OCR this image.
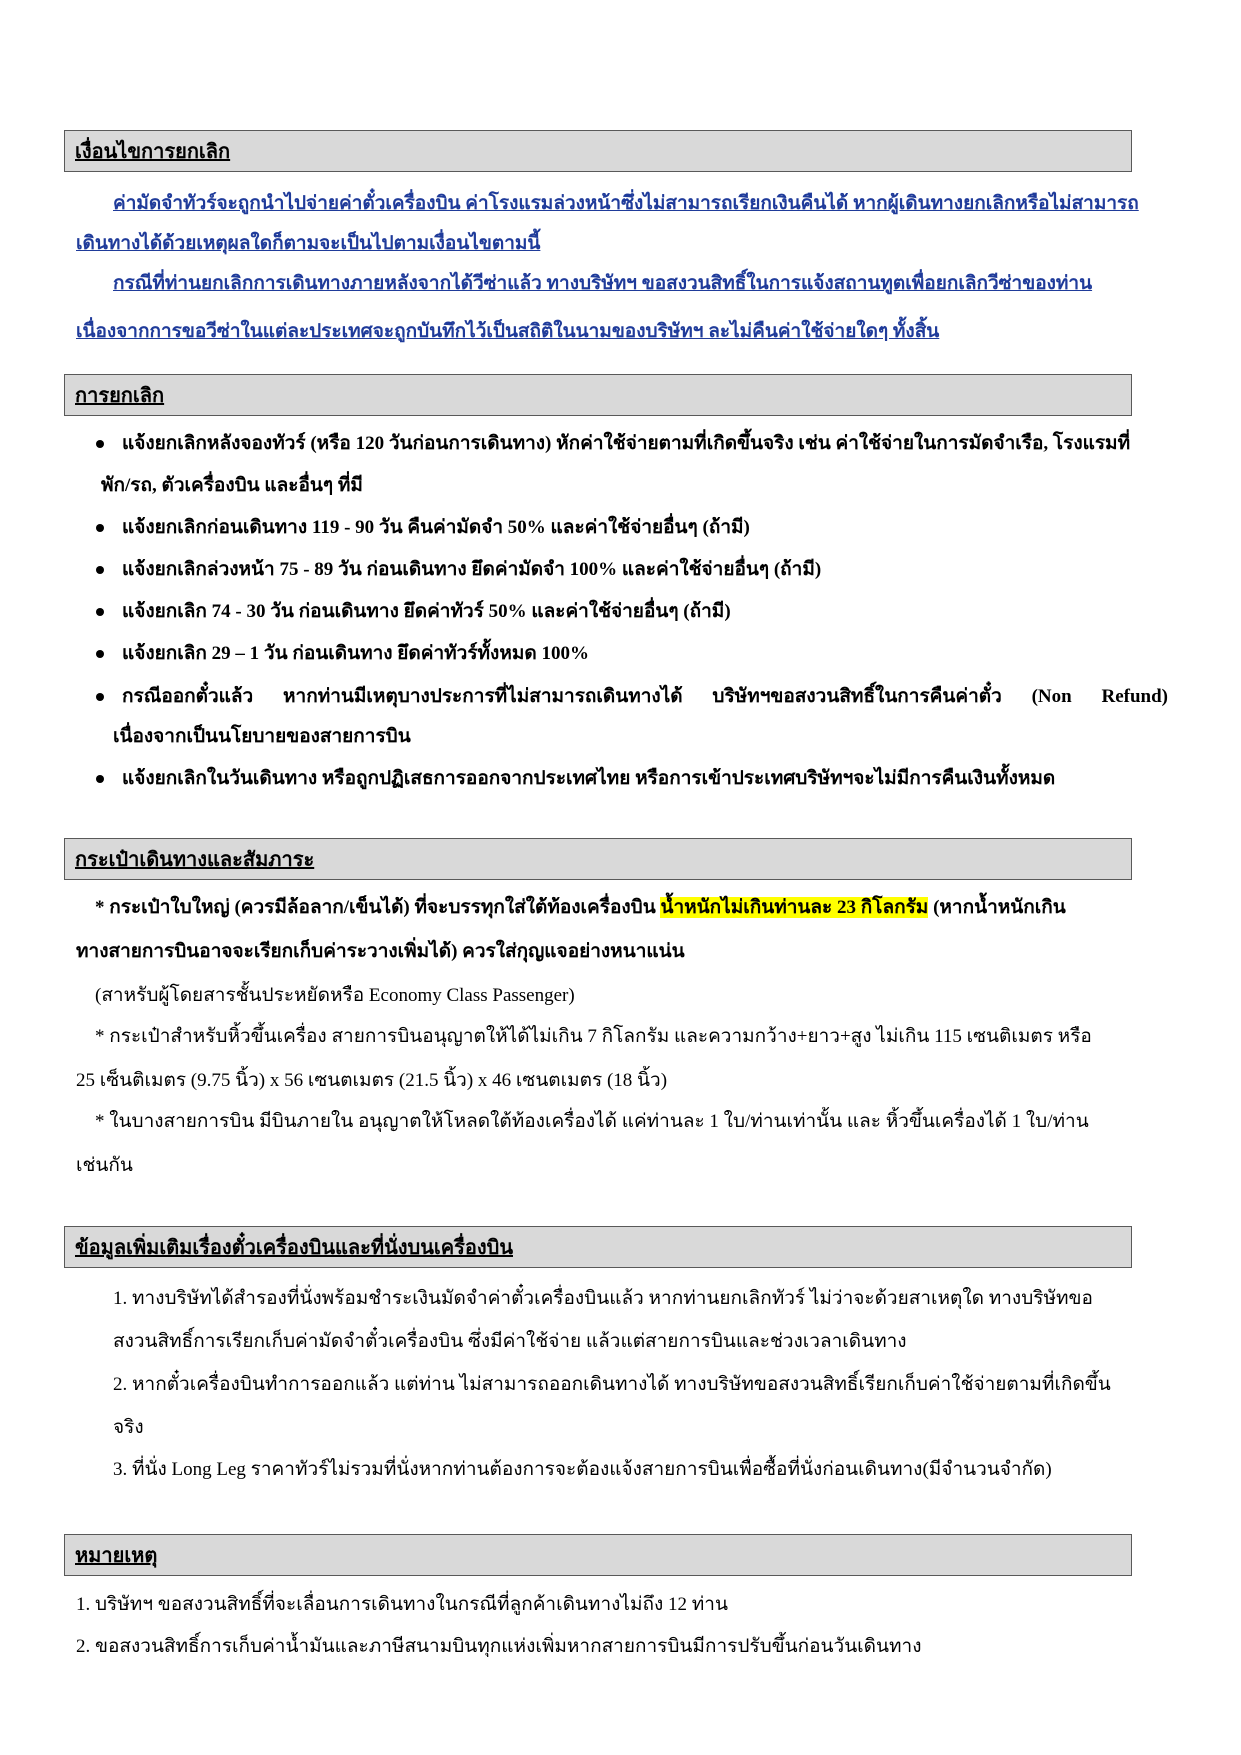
เงื่อนไขการยกเลิก
ค่ามัดจำทัวร์จะถูกนำไปจ่ายค่าตั๋วเครื่องบิน ค่าโรงแรมล่วงหน้าซึ่งไม่สามารถเรียกเงินคืนได้ หากผู้เดินทางยกเลิกหรือไม่สามารถ
เดินทางได้ด้วยเหตุผลใดก็ตามจะเป็นไปตามเงื่อนไขตามนี้
กรณีที่ท่านยกเลิกการเดินทางภายหลังจากได้วีซ่าแล้ว ทางบริษัทฯ ขอสงวนสิทธิ์ในการแจ้งสถานทูตเพื่อยกเลิกวีซ่าของท่าน
เนื่องจากการขอวีซ่าในแต่ละประเทศจะถูกบันทึกไว้เป็นสถิติในนามของบริษัทฯ ละไม่คืนค่าใช้จ่ายใดๆ ทั้งสิ้น
การยกเลิก
แจ้งยกเลิกหลังจองทัวร์ (หรือ 120 วันก่อนการเดินทาง) หักค่าใช้จ่ายตามที่เกิดขึ้นจริง เช่น ค่าใช้จ่ายในการมัดจำเรือ, โรงแรมที่
พัก/รถ, ตัวเครื่องบิน และอื่นๆ ที่มี
แจ้งยกเลิกก่อนเดินทาง 119 - 90 วัน คืนค่ามัดจำ 50% และค่าใช้จ่ายอื่นๆ (ถ้ามี)
แจ้งยกเลิกล่วงหน้า 75 - 89 วัน ก่อนเดินทาง ยึดค่ามัดจำ 100% และค่าใช้จ่ายอื่นๆ (ถ้ามี)
แจ้งยกเลิก 74 - 30 วัน ก่อนเดินทาง ยึดค่าทัวร์ 50% และค่าใช้จ่ายอื่นๆ (ถ้ามี)
แจ้งยกเลิก 29 – 1 วัน ก่อนเดินทาง ยึดค่าทัวร์ทั้งหมด 100%
กรณีออกตั๋วแล้ว หากท่านมีเหตุบางประการที่ไม่สามารถเดินทางได้ บริษัทฯขอสงวนสิทธิ์ในการคืนค่าตั๋ว (Non Refund)
เนื่องจากเป็นนโยบายของสายการบิน
แจ้งยกเลิกในวันเดินทาง หรือถูกปฏิเสธการออกจากประเทศไทย หรือการเข้าประเทศบริษัทฯจะไม่มีการคืนเงินทั้งหมด
กระเป๋าเดินทางและสัมภาระ
* กระเป๋าใบใหญ่ (ควรมีล้อลาก/เข็นได้) ที่จะบรรทุกใส่ใต้ท้องเครื่องบิน น้ำหนักไม่เกินท่านละ 23 กิโลกรัม (หากน้ำหนักเกิน
ทางสายการบินอาจจะเรียกเก็บค่าระวางเพิ่มได้) ควรใส่กุญแจอย่างหนาแน่น
(สาหรับผู้โดยสารชั้นประหยัดหรือ Economy Class Passenger)
* กระเป๋าสำหรับหิ้วขึ้นเครื่อง สายการบินอนุญาตให้ได้ไม่เกิน 7 กิโลกรัม และความกว้าง+ยาว+สูง ไม่เกิน 115 เซนติเมตร หรือ
25 เซ็นติเมตร (9.75 นิ้ว) x 56 เซนตเมตร (21.5 นิ้ว) x 46 เซนตเมตร (18 นิ้ว)
* ในบางสายการบิน มีบินภายใน อนุญาตให้โหลดใต้ท้องเครื่องได้ แค่ท่านละ 1 ใบ/ท่านเท่านั้น และ หิ้วขึ้นเครื่องได้ 1 ใบ/ท่าน
เช่นกัน
ข้อมูลเพิ่มเติมเรื่องตั๋วเครื่องบินและที่นั่งบนเครื่องบิน
1. ทางบริษัทได้สำรองที่นั่งพร้อมชำระเงินมัดจำค่าตั๋วเครื่องบินแล้ว หากท่านยกเลิกทัวร์ ไม่ว่าจะด้วยสาเหตุใด ทางบริษัทขอ
สงวนสิทธิ์การเรียกเก็บค่ามัดจำตั๋วเครื่องบิน ซึ่งมีค่าใช้จ่าย แล้วแต่สายการบินและช่วงเวลาเดินทาง
2. หากตั๋วเครื่องบินทำการออกแล้ว แต่ท่าน ไม่สามารถออกเดินทางได้ ทางบริษัทขอสงวนสิทธิ์เรียกเก็บค่าใช้จ่ายตามที่เกิดขึ้น
จริง
3. ที่นั่ง Long Leg ราคาทัวร์ไม่รวมที่นั่งหากท่านต้องการจะต้องแจ้งสายการบินเพื่อซื้อที่นั่งก่อนเดินทาง(มีจำนวนจำกัด)
หมายเหตุ
1. บริษัทฯ ขอสงวนสิทธิ์ที่จะเลื่อนการเดินทางในกรณีที่ลูกค้าเดินทางไม่ถึง 12 ท่าน
2. ขอสงวนสิทธิ์การเก็บค่าน้ำมันและภาษีสนามบินทุกแห่งเพิ่มหากสายการบินมีการปรับขึ้นก่อนวันเดินทาง
